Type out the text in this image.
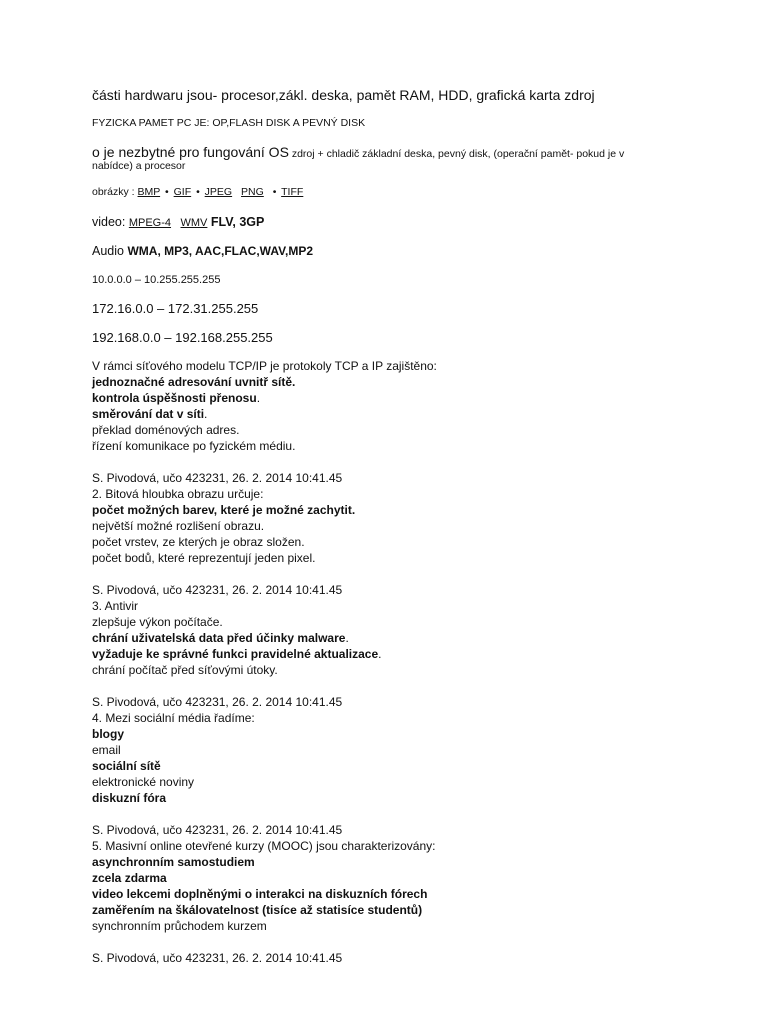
části hardwaru jsou- procesor,zákl. deska, pamět RAM, HDD, grafická karta zdroj
FYZICKA PAMET PC JE: OP,FLASH DISK A PEVNÝ DISK
o je nezbytné pro fungování OS zdroj + chladič základní deska, pevný disk, (operační pamět- pokud je v
nabídce) a procesor
obrázky : BMP • GIF • JPEG PNG • TIFF
video: MPEG-4 WMV FLV, 3GP
Audio WMA, MP3, AAC,FLAC,WAV,MP2
10.0.0.0 – 10.255.255.255
172.16.0.0 – 172.31.255.255
192.168.0.0 – 192.168.255.255
V rámci síťového modelu TCP/IP je protokoly TCP a IP zajištěno:
jednoznačné adresování uvnitř sítě.
kontrola úspěšnosti přenosu.
směrování dat v síti.
překlad doménových adres.
řízení komunikace po fyzickém médiu.
S. Pivodová, učo 423231, 26. 2. 2014 10:41.45
2. Bitová hloubka obrazu určuje:
počet možných barev, které je možné zachytit.
největší možné rozlišení obrazu.
počet vrstev, ze kterých je obraz složen.
počet bodů, které reprezentují jeden pixel.
S. Pivodová, učo 423231, 26. 2. 2014 10:41.45
3. Antivir
zlepšuje výkon počítače.
chrání uživatelská data před účinky malware.
vyžaduje ke správné funkci pravidelné aktualizace.
chrání počítač před síťovými útoky.
S. Pivodová, učo 423231, 26. 2. 2014 10:41.45
4. Mezi sociální média řadíme:
blogy
email
sociální sítě
elektronické noviny
diskuzní fóra
S. Pivodová, učo 423231, 26. 2. 2014 10:41.45
5. Masivní online otevřené kurzy (MOOC) jsou charakterizovány:
asynchronním samostudiem
zcela zdarma
video lekcemi doplněnými o interakci na diskuzních fórech
zaměřením na škálovatelnost (tisíce až statisíce studentů)
synchronním průchodem kurzem
S. Pivodová, učo 423231, 26. 2. 2014 10:41.45
